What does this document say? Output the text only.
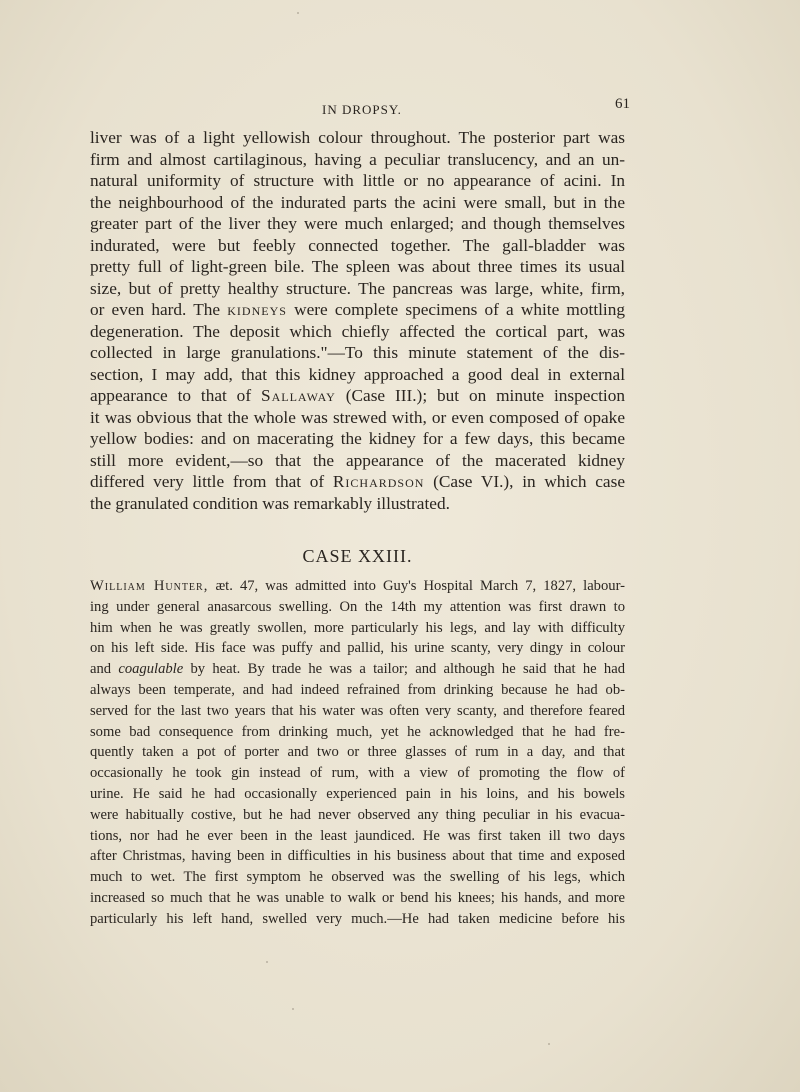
IN DROPSY.	61
liver was of a light yellowish colour throughout. The posterior part was
firm and almost cartilaginous, having a peculiar translucency, and an un-
natural uniformity of structure with little or no appearance of acini. In
the neighbourhood of the indurated parts the acini were small, but in the
greater part of the liver they were much enlarged; and though themselves
indurated, were but feebly connected together. The gall-bladder was
pretty full of light-green bile. The spleen was about three times its usual
size, but of pretty healthy structure. The pancreas was large, white, firm,
or even hard. The kidneys were complete specimens of a white mottling
degeneration. The deposit which chiefly affected the cortical part, was
collected in large granulations."—To this minute statement of the dis-
section, I may add, that this kidney approached a good deal in external
appearance to that of Sallaway (Case III.); but on minute inspection
it was obvious that the whole was strewed with, or even composed of opake
yellow bodies: and on macerating the kidney for a few days, this became
still more evident,—so that the appearance of the macerated kidney
differed very little from that of Richardson (Case VI.), in which case
the granulated condition was remarkably illustrated.
CASE XXIII.
William Hunter, æt. 47, was admitted into Guy's Hospital March 7, 1827, labour-
ing under general anasarcous swelling. On the 14th my attention was first drawn to
him when he was greatly swollen, more particularly his legs, and lay with difficulty
on his left side. His face was puffy and pallid, his urine scanty, very dingy in colour
and coagulable by heat. By trade he was a tailor; and although he said that he had
always been temperate, and had indeed refrained from drinking because he had ob-
served for the last two years that his water was often very scanty, and therefore feared
some bad consequence from drinking much, yet he acknowledged that he had fre-
quently taken a pot of porter and two or three glasses of rum in a day, and that
occasionally he took gin instead of rum, with a view of promoting the flow of
urine. He said he had occasionally experienced pain in his loins, and his bowels
were habitually costive, but he had never observed any thing peculiar in his evacua-
tions, nor had he ever been in the least jaundiced. He was first taken ill two days
after Christmas, having been in difficulties in his business about that time and exposed
much to wet. The first symptom he observed was the swelling of his legs, which
increased so much that he was unable to walk or bend his knees; his hands, and more
particularly his left hand, swelled very much.—He had taken medicine before his
